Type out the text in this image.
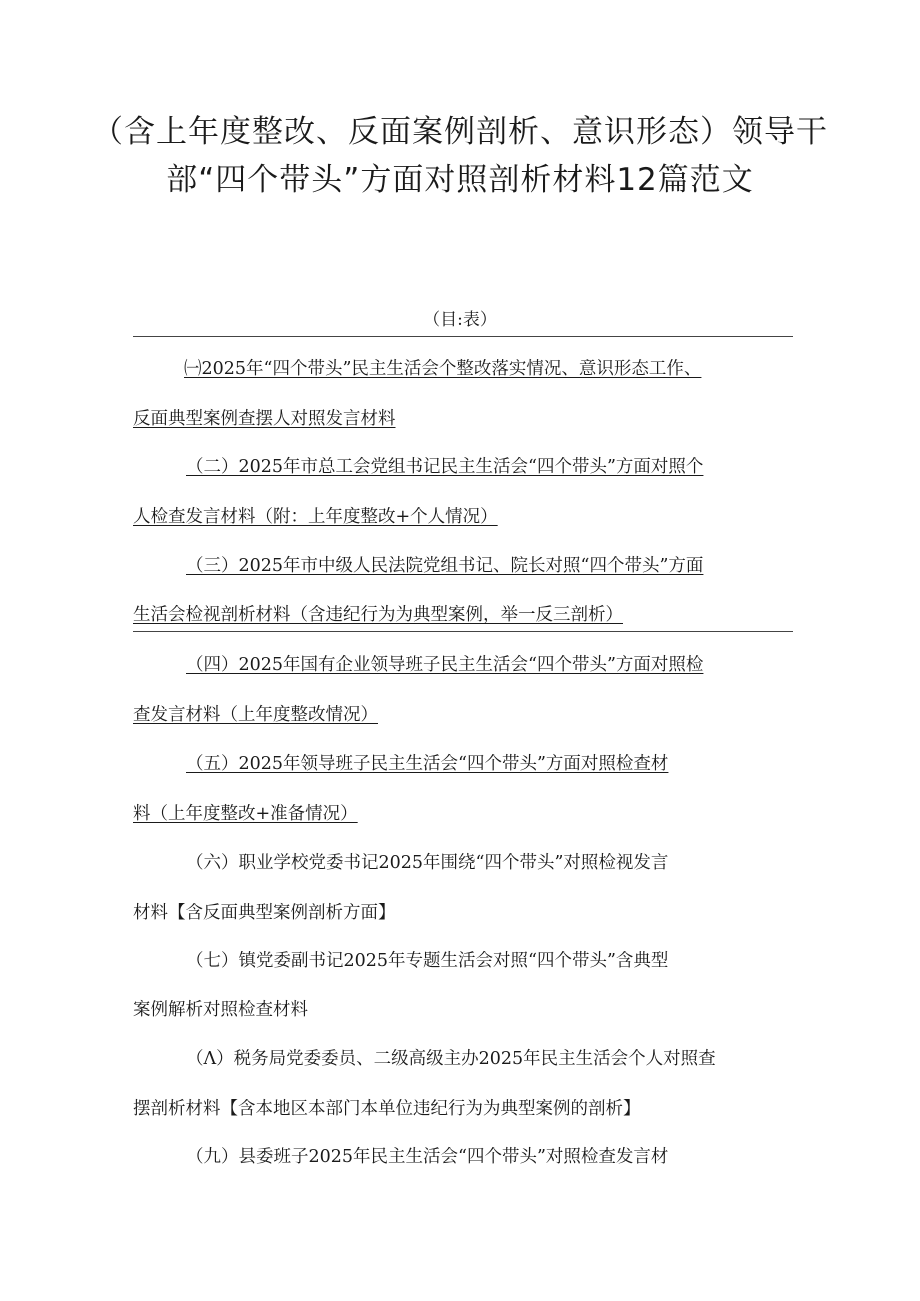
（含上年度整改、反面案例剖析、意识形态）领导干
部“四个带头”方面对照剖析材料12篇范文
（目:表）
㈠2025年“四个带头”民主生活会个整改落实情况、意识形态工作、
反面典型案例查摆人对照发言材料
（二）2025年市总工会党组书记民主生活会“四个带头”方面对照个
人检查发言材料（附：上年度整改+个人情况）
（三）2025年市中级人民法院党组书记、院长对照“四个带头”方面
生活会检视剖析材料（含违纪行为为典型案例，举一反三剖析）
（四）2025年国有企业领导班子民主生活会“四个带头”方面对照检
查发言材料（上年度整改情况）
（五）2025年领导班子民主生活会“四个带头”方面对照检查材
料（上年度整改+准备情况）
（六）职业学校党委书记2025年围绕“四个带头”对照检视发言
材料【含反面典型案例剖析方面】
（七）镇党委副书记2025年专题生活会对照“四个带头”含典型
案例解析对照检查材料
（Λ）税务局党委委员、二级高级主办2025年民主生活会个人对照查
摆剖析材料【含本地区本部门本单位违纪行为为典型案例的剖析】
（九）县委班子2025年民主生活会“四个带头”对照检查发言材
